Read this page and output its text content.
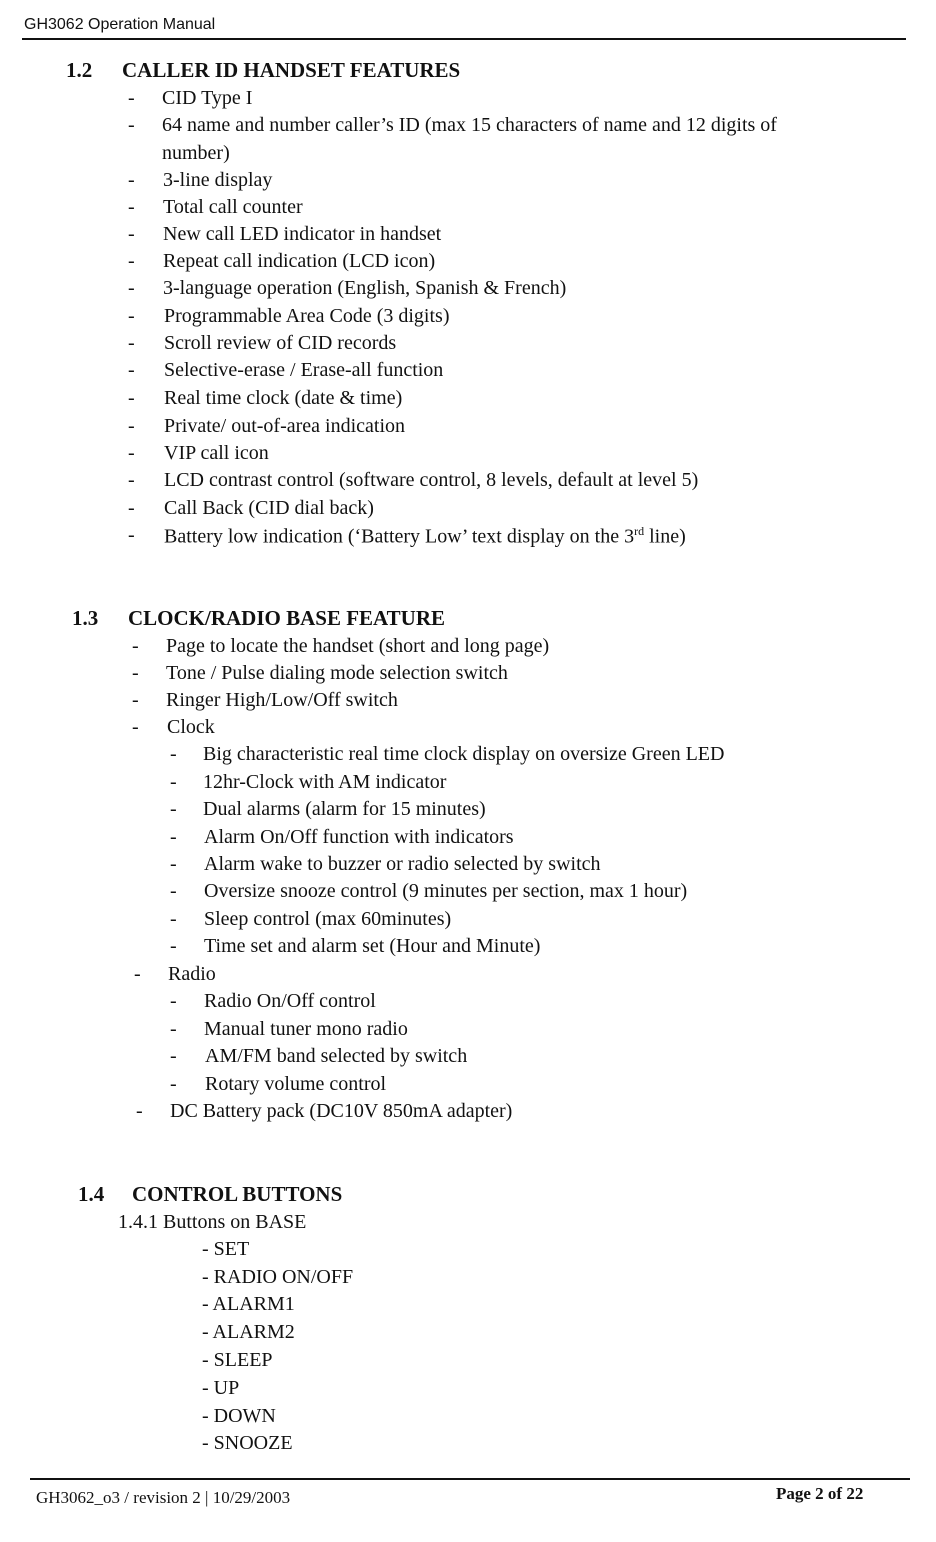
GH3062 Operation Manual
1.2 CALLER ID HANDSET FEATURES
- CID Type I
- 64 name and number caller’s ID (max 15 characters of name and 12 digits of
number)
- 3-line display
- Total call counter
- New call LED indicator in handset
- Repeat call indication (LCD icon)
- 3-language operation (English, Spanish & French)
- Programmable Area Code (3 digits)
- Scroll review of CID records
- Selective-erase / Erase-all function
- Real time clock (date & time)
- Private/ out-of-area indication
- VIP call icon
- LCD contrast control (software control, 8 levels, default at level 5)
- Call Back (CID dial back)
- Battery low indication (‘Battery Low’ text display on the 3rd line)
1.3 CLOCK/RADIO BASE FEATURE
- Page to locate the handset (short and long page)
- Tone / Pulse dialing mode selection switch
- Ringer High/Low/Off switch
- Clock
- Big characteristic real time clock display on oversize Green LED
- 12hr-Clock with AM indicator
- Dual alarms (alarm for 15 minutes)
- Alarm On/Off function with indicators
- Alarm wake to buzzer or radio selected by switch
- Oversize snooze control (9 minutes per section, max 1 hour)
- Sleep control (max 60minutes)
- Time set and alarm set (Hour and Minute)
- Radio
- Radio On/Off control
- Manual tuner mono radio
- AM/FM band selected by switch
- Rotary volume control
- DC Battery pack (DC10V 850mA adapter)
1.4 CONTROL BUTTONS
1.4.1 Buttons on BASE
- SET
- RADIO ON/OFF
- ALARM1
- ALARM2
- SLEEP
- UP
- DOWN
- SNOOZE
GH3062_o3 / revision 2 | 10/29/2003	Page 2 of 22
